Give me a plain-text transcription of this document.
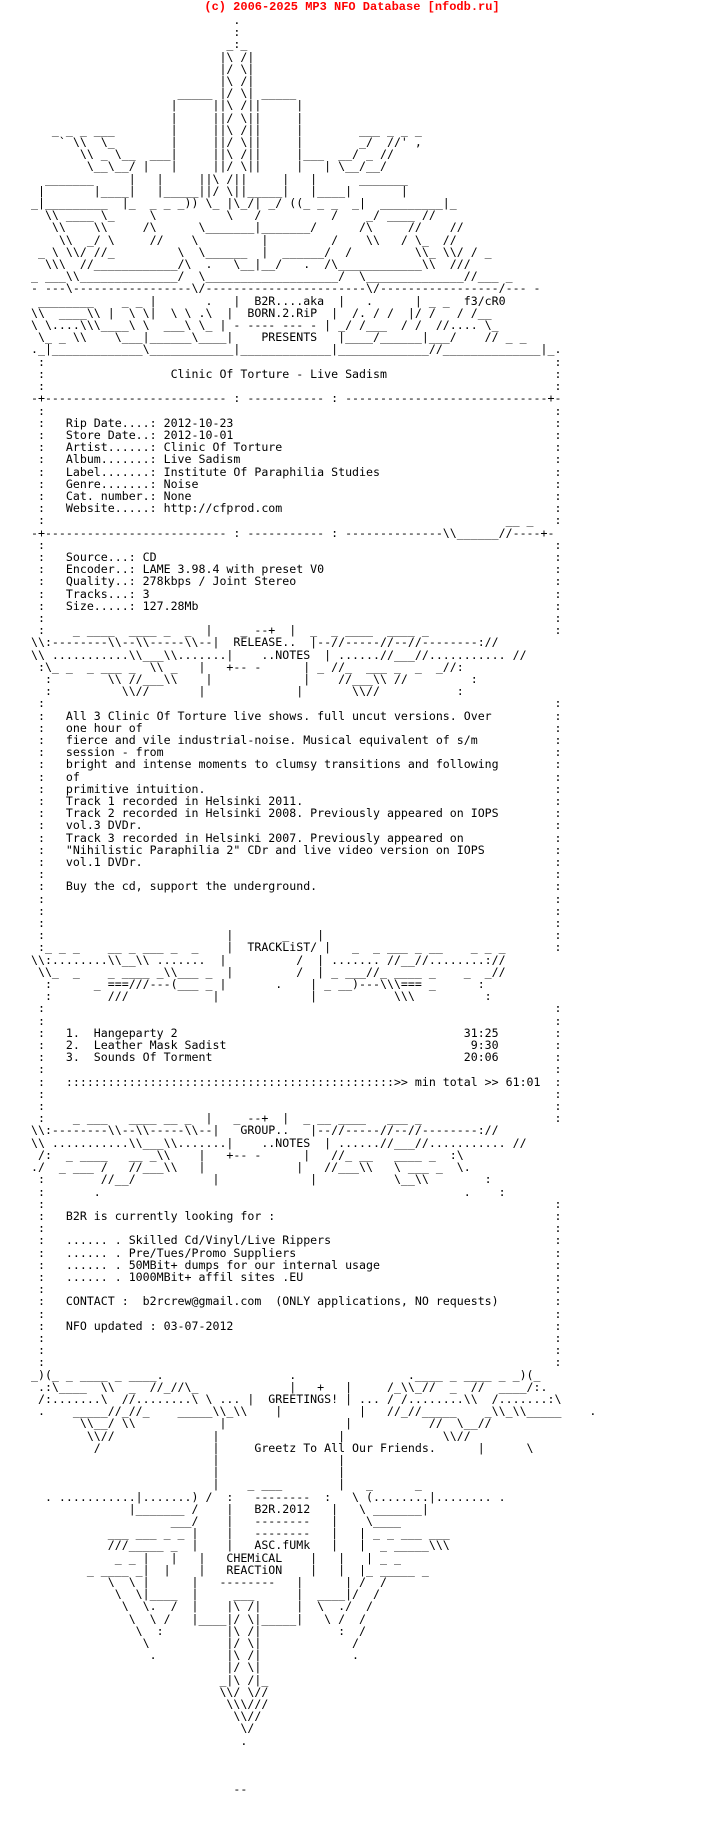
(c) 2006-2025 MP3 NFO Database [nfodb.ru]
.
:
_:_
|\ /|
|/ \|
|\ /|
_____ |/ \| _____
|     ||\ /||     |
|     ||/ \||     |
_ _ _ ___        |     ||\ /||     |        ___ _ _ _
` \\  \_        |     ||/ \||     |        _/  //' ,
\\ _ \__  ___|     ||\ /||     |___  __/ _ //
\__\__/ |   |     ||/ \||     |   | \__/__/
_______     |   |     ||\ /||     |   |      _______
|       |____|   |_____||/ \||_____|   |____|       |
_|_________  |_  _ _ _)) \_ |\_/| _/ ((_ _ _  _|  _________|_
\\ ____ \_     \          \   /          /    _/ ____ //
\\    \\     /\      \_______|_______/      /\     //    //
\\  _/ \     //    \         |         /    \\   / \_  //
_ \ \\/ //_         \  \______  |  ______/  /         \\_ \\/ / _
\\\  //____________/\  .   \__|__/   .  /\____________\\  ///
_ ___\\______________/  \___________________/  \______________//___ _
- ---\-----------------\/-----------------------\/-----------------/--- -
________    _ _ |       .   |  B2R....aka  |   .      | _ _  f3/cR0
\\  ____\\ |  \ \|  \ \ .\  |  BORN.2.RiP  |  /. / /  |/ /   / /__
\ \....\\\____\ \  ___\ \_ | - ---- --- - | _/ /___  / /  //.... \_
\_ _ \\    \___|______\____|    PRESENTS   |____/______|___/    // _ _
._|_____________\____________|_____________|_____________//______________|_.
:                                                                         :
:                  Clinic Of Torture - Live Sadism                        :
:                                                                         :
-+-------------------------- : ----------- : -----------------------------+-
:                                                                         :
:   Rip Date....: 2012-10-23                                              :
:   Store Date..: 2012-10-01                                              :
:   Artist......: Clinic Of Torture                                       :
:   Album.......: Live Sadism                                             :
:   Label.......: Institute Of Paraphilia Studies                         :
:   Genre.......: Noise                                                   :
:   Cat. number.: None                                                    :
:   Website.....: http://cfprod.com                                       :
:                                                                  __ _   :
-+-------------------------- : ----------- : --------------\\______//----+-
:                                                                         :
:   Source...: CD                                                         :
:   Encoder..: LAME 3.98.4 with preset V0                                 :
:   Quality..: 278kbps / Joint Stereo                                     :
:   Tracks...: 3                                                          :
:   Size.....: 127.28Mb                                                   :
:                                                                         :
:    _ ____  ____ _  _  |    _ --+  |  _  _ ____  ____ _                  :
\\:--------\\--\\-----\\--|  RELEASE..  |--//-----//--//--------://
\\ ...........\\___\\.......|    ..NOTES  | ......//___//........... //
:\_ _  _ ___ _  \\ _   |   +-- -      | _ //_  ___ _  _  _//:
:        \\ //___\\    |             |    //___\\ //         :
:          \\//       |             |       \\//           :
:                                                                         :
:   All 3 Clinic Of Torture live shows. full uncut versions. Over         :
:   one hour of                                                           :
:   fierce and vile industrial-noise. Musical equivalent of s/m           :
:   session - from                                                        :
:   bright and intense moments to clumsy transitions and following        :
:   of                                                                    :
:   primitive intuition.                                                  :
:   Track 1 recorded in Helsinki 2011.                                    :
:   Track 2 recorded in Helsinki 2008. Previously appeared on IOPS        :
:   vol.3 DVDr.                                                           :
:   Track 3 recorded in Helsinki 2007. Previously appeared on             :
:   "Nihilistic Paraphilia 2" CDr and live video version on IOPS          :
:   vol.1 DVDr.                                                           :
:                                                                         :
:   Buy the cd, support the underground.                                  :
:                                                                         :
:                                                                         :
:                                                                         :
:                          |       _    |                                 :
:_ _ _    __ _ ___ _  _    |  TRACKLiST/ |   _  _ ___ _ __    _ _ _       :
\\:........\\__\\ .......  |          /  | ....... //__//........://
\\_  _    _ ____ _\\___ _  |         /  | _ ___//_ ____ _    _  _//
:      _ ===///---(___ _ |       .    | _ __)---\\\=== _      :
:        ///            |             |           \\\          :
:                                                                         :
:                                                                         :
:   1.  Hangeparty 2                                         31:25        :
:   2.  Leather Mask Sadist                                   9:30        :
:   3.  Sounds Of Torment                                    20:06        :
:                                                                         :
:   :::::::::::::::::::::::::::::::::::::::::::::::>> min total >> 61:01  :
:                                                                         :
:                                                                         :
:    _ ___   ____ __ _  |   _ --+  |  _ __ ____   ___ _                   :
\\:--------\\--\\-----\\--|   GROUP..   |--//-----//--//--------://
\\ ...........\\___\\.......|    ..NOTES  | ......//___//........... //
/:  _ ____   __ _\\    |   +-- -      |   //_ __   ____ _  :\
./  _ ___ /   //___\\   |             |   //___\\   \ ___ _  \.
:        //__/           |             |           \__\\        :
:       .                                                    .    :
:                                                                         :
:   B2R is currently looking for :                                        :
:                                                                         :
:   ...... . Skilled Cd/Vinyl/Live Rippers                                :
:   ...... . Pre/Tues/Promo Suppliers                                     :
:   ...... . 50MBit+ dumps for our internal usage                         :
:   ...... . 1000MBit+ affil sites .EU                                    :
:                                                                         :
:   CONTACT :  b2rcrew@gmail.com  (ONLY applications, NO requests)        :
:                                                                         :
:   NFO updated : 03-07-2012                                              :
:                                                                         :
:                                                                         :
:                                                                         :
_)(_ _ ____ _ ____.                  .                .____ _ ____ _ _)(_
.:\____  \\  _  //_//\_             |   +   |     /_\\_//  _  //  ____/:.
/:.......\  //........\ \ ... |  GREETINGS! | ... / /........\\  /.......:\
.    _____//_//_    _____\\_\\    |           |   //_//_____    _\\_\\_____    .
\\__/ \\            |                 |           //  \__//
\\//              |                 |              \\//
/                |     Greetz To All Our Friends.      |      \
|                 |
|                 |
|    _ ___        |   _      _
. ...........|.......) /  :   --------  :   \ (........|........ .
|_______ /    |   B2R.2012   |   \ _______|
___/    |   --------   |    \____
___ ___ _ _ |    |   --------   |   | _ _ ___ ___
///_____ _  |    |   ASC.fUMk   |   |  _ _____\\\
_ _ |   |   |   CHEMiCAL    |   |   | _ _
_ ____ _|  |    |   REACTiON    |   |  |_ _____ _
\  \ |      |   --------   |      | /  /
\  \|____  |     ___      |  ____|/  /
\  \.  /  |    |\ /|     |  \  ./  /
\  \ /   |____|/ \|_____|   \ /  /
\  :         |\ /|           :  /
\           |/ \|             /
.          |\ /|             .
|/ \|
_|\ /|_
\\/ \//
\\\///
\\//
\/
.

--
